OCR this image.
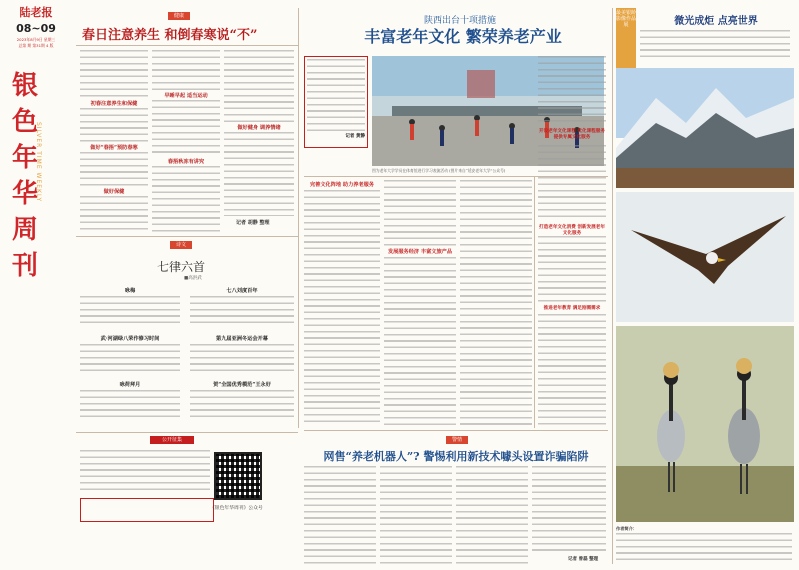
陆老报
08~09
2023年8月9日 星期三
总第 期 第31期 4 版
银色年华周刊
SILVER TIME WEEKLY
健康
春日注意养生 和倒春寒说“不”
初春注意养生和保健
做好“春捂”预防春寒
做好保健
早睡早起 适当运动
春捂秋冻有讲究
做好健身 调养情绪
记者 胡静 整理
诗文
七律六首
■高洪武
咏梅	七八刘度百年
武·河湖绿八荣作修习时间	第九届亚洲冬运会开幕
咏荷拜月	贺“全国优秀模范”王永好
公开征集
《银色年华周刊》公众号
陕西出台十项措施
丰富老年文化 繁荣养老产业
记者 黄静
图为老年大学学员在体育馆进行学习表演活动 (图片来自“延安老年大学”公众号)
完善文化阵地 助力养老服务
发展服务经济 丰富文旅产品
开设老年文化课程 优化课程服务 提供专属文化服务
打造老年文化消费 创新发展老年文化服务
推进老年教育 满足刚需需求
警情
网售“养老机器人”? 警惕利用新技术噱头设置诈骗陷阱
记者 曾磊 整理
最美银龄影像作品展	微光成炬 点亮世界
作者简介：
